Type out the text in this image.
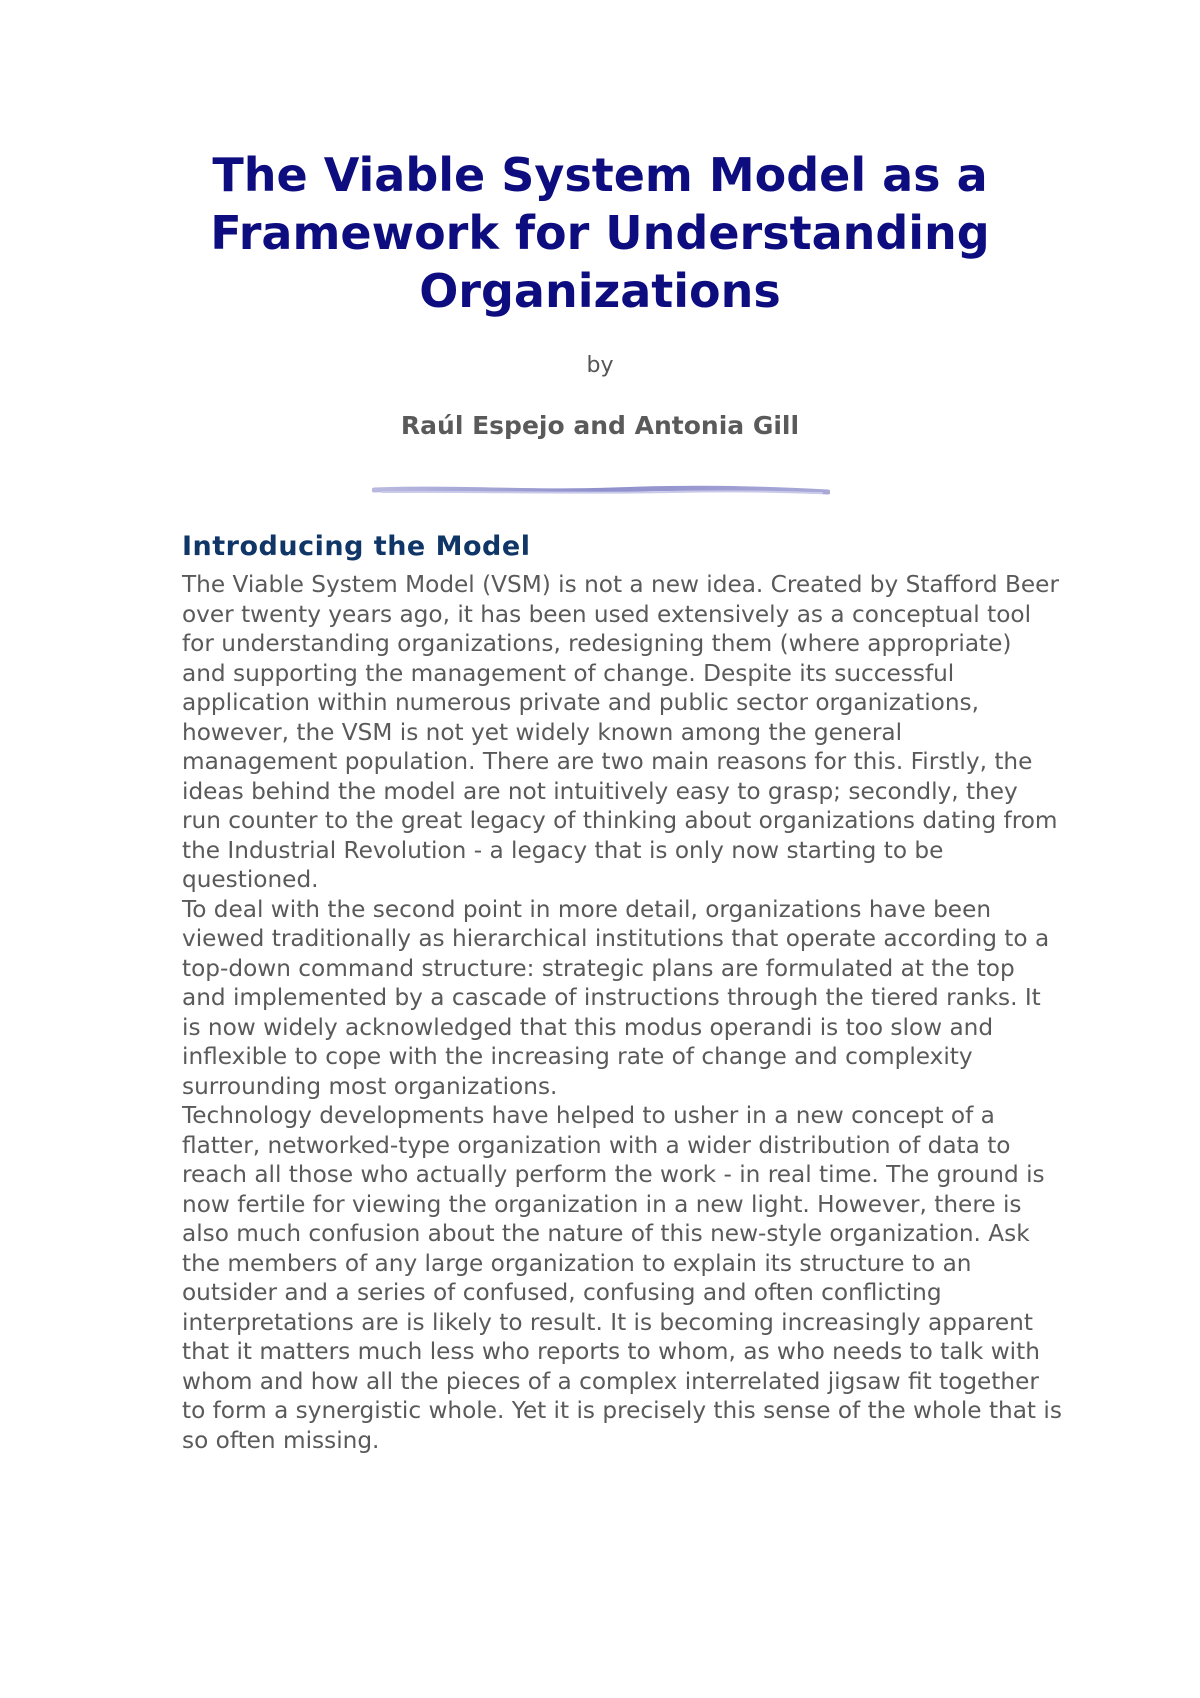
The Viable System Model as a Framework for Understanding Organizations
by
Raúl Espejo and Antonia Gill
Introducing the Model

The Viable System Model (VSM) is not a new idea. Created by Stafford Beer over twenty years ago, it has been used extensively as a conceptual tool for understanding organizations, redesigning them (where appropriate) and supporting the management of change. Despite its successful application within numerous private and public sector organizations, however, the VSM is not yet widely known among the general management population. There are two main reasons for this. Firstly, the ideas behind the model are not intuitively easy to grasp; secondly, they run counter to the great legacy of thinking about organizations dating from the Industrial Revolution - a legacy that is only now starting to be questioned.

To deal with the second point in more detail, organizations have been viewed traditionally as hierarchical institutions that operate according to a top-down command structure: strategic plans are formulated at the top and implemented by a cascade of instructions through the tiered ranks. It is now widely acknowledged that this modus operandi is too slow and inflexible to cope with the increasing rate of change and complexity surrounding most organizations.

Technology developments have helped to usher in a new concept of a flatter, networked-type organization with a wider distribution of data to reach all those who actually perform the work - in real time. The ground is now fertile for viewing the organization in a new light. However, there is also much confusion about the nature of this new-style organization. Ask the members of any large organization to explain its structure to an outsider and a series of confused, confusing and often conflicting interpretations are is likely to result. It is becoming increasingly apparent that it matters much less who reports to whom, as who needs to talk with whom and how all the pieces of a complex interrelated jigsaw fit together to form a synergistic whole. Yet it is precisely this sense of the whole that is so often missing.
